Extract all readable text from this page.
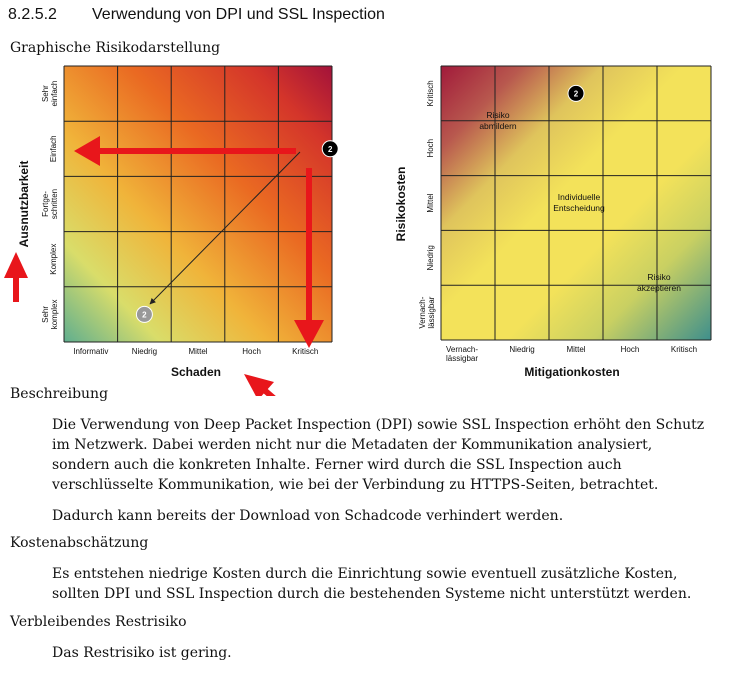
8.2.5.2 Verwendung von DPI und SSL Inspection
Graphische Risikodarstellung
Informativ	Niedrig	Mittel	Hoch	Kritisch
Sehrkomplex
Komplex
Fortge-schritten
Einfach
Sehreinfach
Schaden
Ausnutzbarkeit
2
2
Vernach-lässigbar
Niedrig	Mittel	Hoch	Kritisch
Vernach-lässigbar
Niedrig
Mittel
Hoch
Kritisch
Mitigationkosten
Risikokosten
Risiko
abmildern
Individuelle
Entscheidung
Risiko
akzeptieren
2
Beschreibung
Die Verwendung von Deep Packet Inspection (DPI) sowie SSL Inspection erhöht den Schutz im Netzwerk. Dabei werden nicht nur die Metadaten der Kommunikation analysiert, sondern auch die konkreten Inhalte. Ferner wird durch die SSL Inspection auch verschlüsselte Kommunikation, wie bei der Verbindung zu HTTPS-Seiten, betrachtet.
Dadurch kann bereits der Download von Schadcode verhindert werden.
Kostenabschätzung
Es entstehen niedrige Kosten durch die Einrichtung sowie eventuell zusätzliche Kosten, sollten DPI und SSL Inspection durch die bestehenden Systeme nicht unterstützt werden.
Verbleibendes Restrisiko
Das Restrisiko ist gering.
